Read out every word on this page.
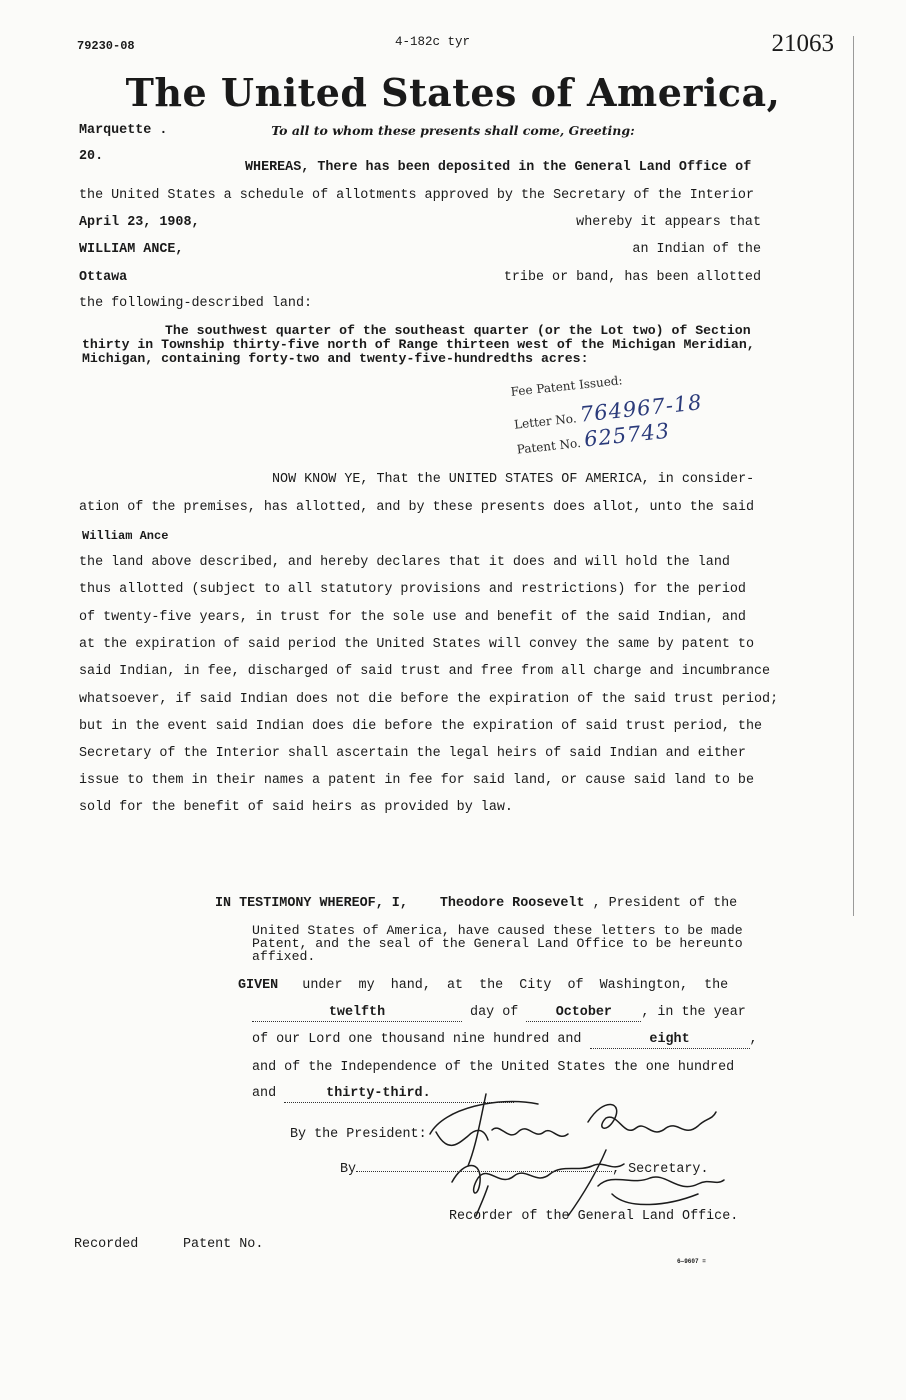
79230-08	4-182c tyr	21063
The United States of America,
Marquette .	To all to whom these presents shall come, Greeting:
20.
WHEREAS, There has been deposited in the General Land Office of
the United States a schedule of allotments approved by the Secretary of the Interior
April 23, 1908,	whereby it appears that
WILLIAM ANCE,	an Indian of the
Ottawa	tribe or band, has been allotted
the following-described land:
The southwest quarter of the southeast quarter (or the Lot two) of Section
thirty in Township thirty-five north of Range thirteen west of the Michigan Meridian,
Michigan, containing forty-two and twenty-five-hundredths acres:
Fee Patent Issued:
Letter No. 764967-18
Patent No. 625743
NOW KNOW YE, That the UNITED STATES OF AMERICA, in consider-
ation of the premises, has allotted, and by these presents does allot, unto the said
William Ance
the land above described, and hereby declares that it does and will hold the land
thus allotted (subject to all statutory provisions and restrictions) for the period
of twenty-five years, in trust for the sole use and benefit of the said Indian, and
at the expiration of said period the United States will convey the same by patent to
said Indian, in fee, discharged of said trust and free from all charge and incumbrance
whatsoever, if said Indian does not die before the expiration of the said trust period;
but in the event said Indian does die before the expiration of said trust period, the
Secretary of the Interior shall ascertain the legal heirs of said Indian and either
issue to them in their names a patent in fee for said land, or cause said land to be
sold for the benefit of said heirs as provided by law.
IN TESTIMONY WHEREOF, I, Theodore Roosevelt , President of the
United States of America, have caused these letters to be made
Patent, and the seal of the General Land Office to be hereunto
affixed.
GIVEN under  my  hand,  at  the  City  of  Washington,  the
twelfth	day of	October , in the year
of our Lord one thousand nine hundred and	eight	,
and of the Independence of the United States the one hundred
and	thirty-third.
By the President:
By	, Secretary.
Recorder of the General Land Office.
Recorded	Patent No.
6—9607 =
